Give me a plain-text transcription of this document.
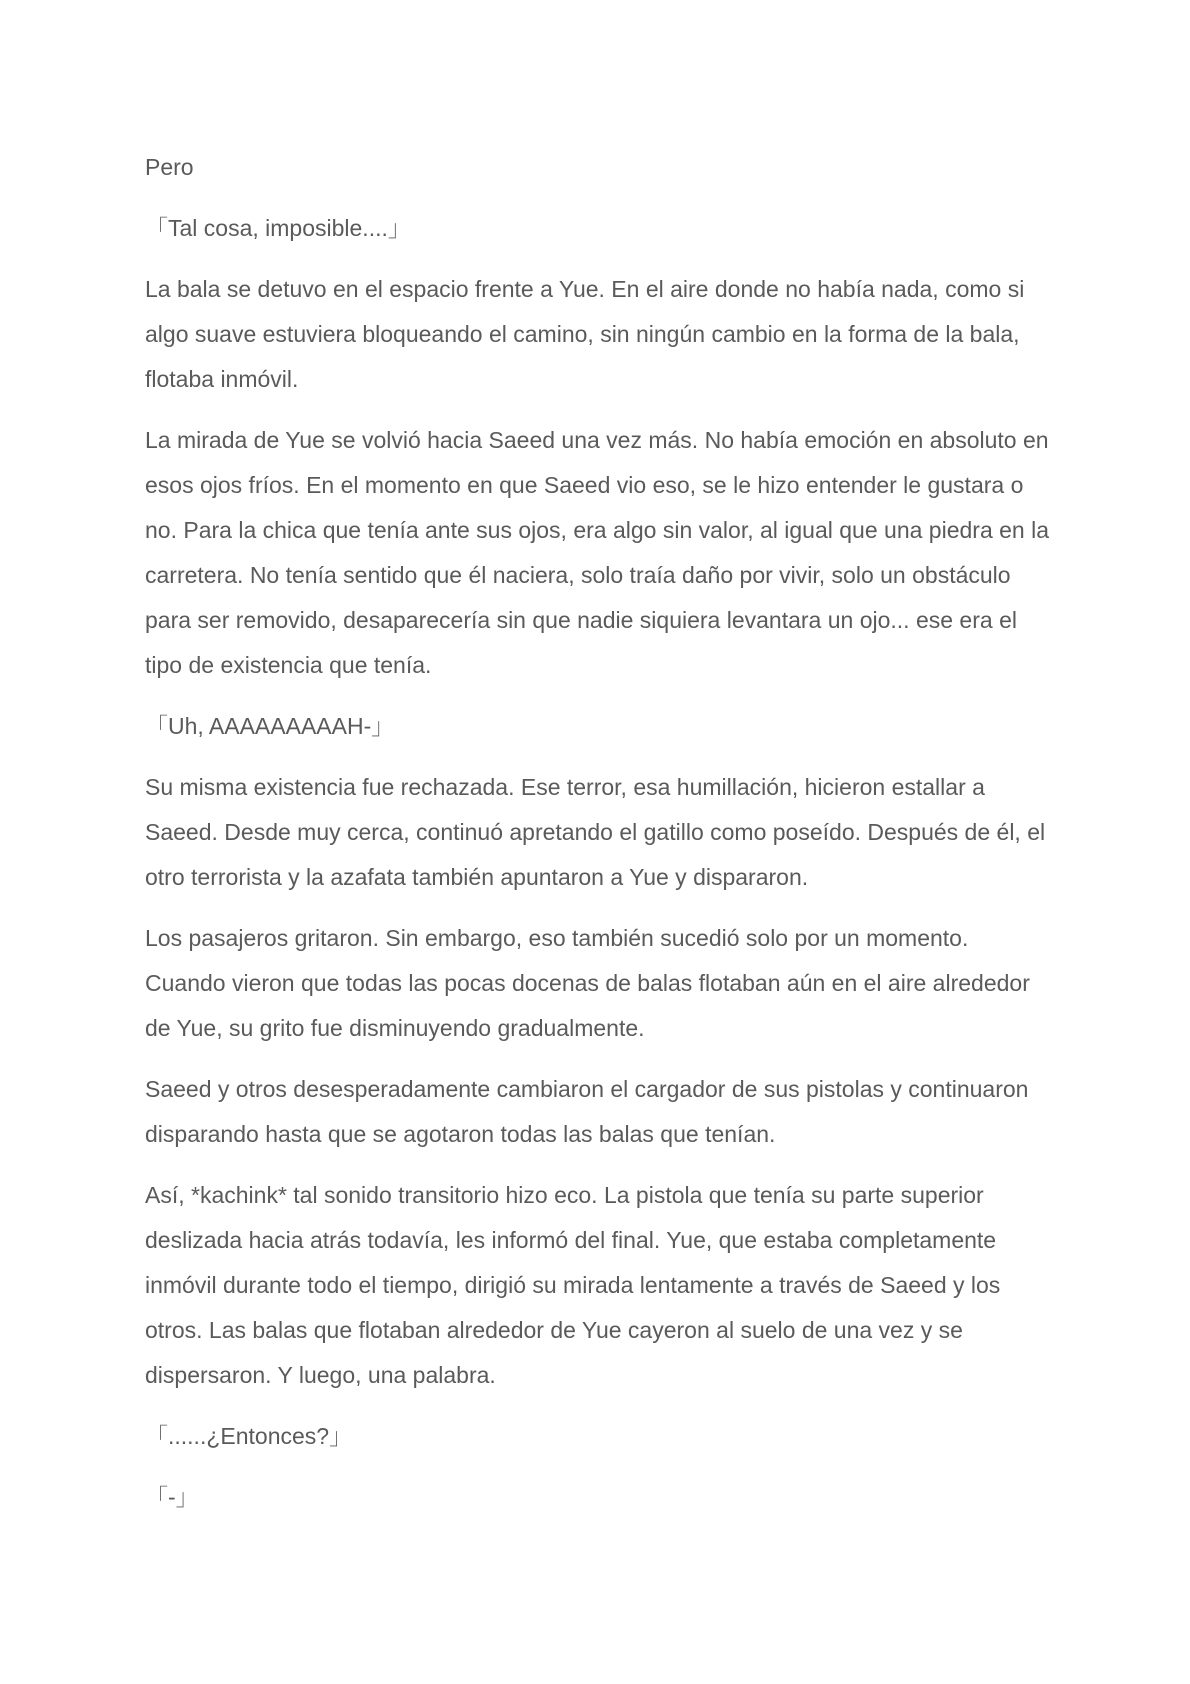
Pero

「Tal cosa, imposible....」

La bala se detuvo en el espacio frente a Yue. En el aire donde no había nada, como si algo suave estuviera bloqueando el camino, sin ningún cambio en la forma de la bala, flotaba inmóvil.

La mirada de Yue se volvió hacia Saeed una vez más. No había emoción en absoluto en esos ojos fríos. En el momento en que Saeed vio eso, se le hizo entender le gustara o no. Para la chica que tenía ante sus ojos, era algo sin valor, al igual que una piedra en la carretera. No tenía sentido que él naciera, solo traía daño por vivir, solo un obstáculo para ser removido, desaparecería sin que nadie siquiera levantara un ojo... ese era el tipo de existencia que tenía.

「Uh, AAAAAAAAAH-」

Su misma existencia fue rechazada. Ese terror, esa humillación, hicieron estallar a Saeed. Desde muy cerca, continuó apretando el gatillo como poseído. Después de él, el otro terrorista y la azafata también apuntaron a Yue y dispararon.

Los pasajeros gritaron. Sin embargo, eso también sucedió solo por un momento. Cuando vieron que todas las pocas docenas de balas flotaban aún en el aire alrededor de Yue, su grito fue disminuyendo gradualmente.

Saeed y otros desesperadamente cambiaron el cargador de sus pistolas y continuaron disparando hasta que se agotaron todas las balas que tenían.

Así, *kachink* tal sonido transitorio hizo eco. La pistola que tenía su parte superior deslizada hacia atrás todavía, les informó del final. Yue, que estaba completamente inmóvil durante todo el tiempo, dirigió su mirada lentamente a través de Saeed y los otros. Las balas que flotaban alrededor de Yue cayeron al suelo de una vez y se dispersaron. Y luego, una palabra.

「......¿Entonces?」

「-」
